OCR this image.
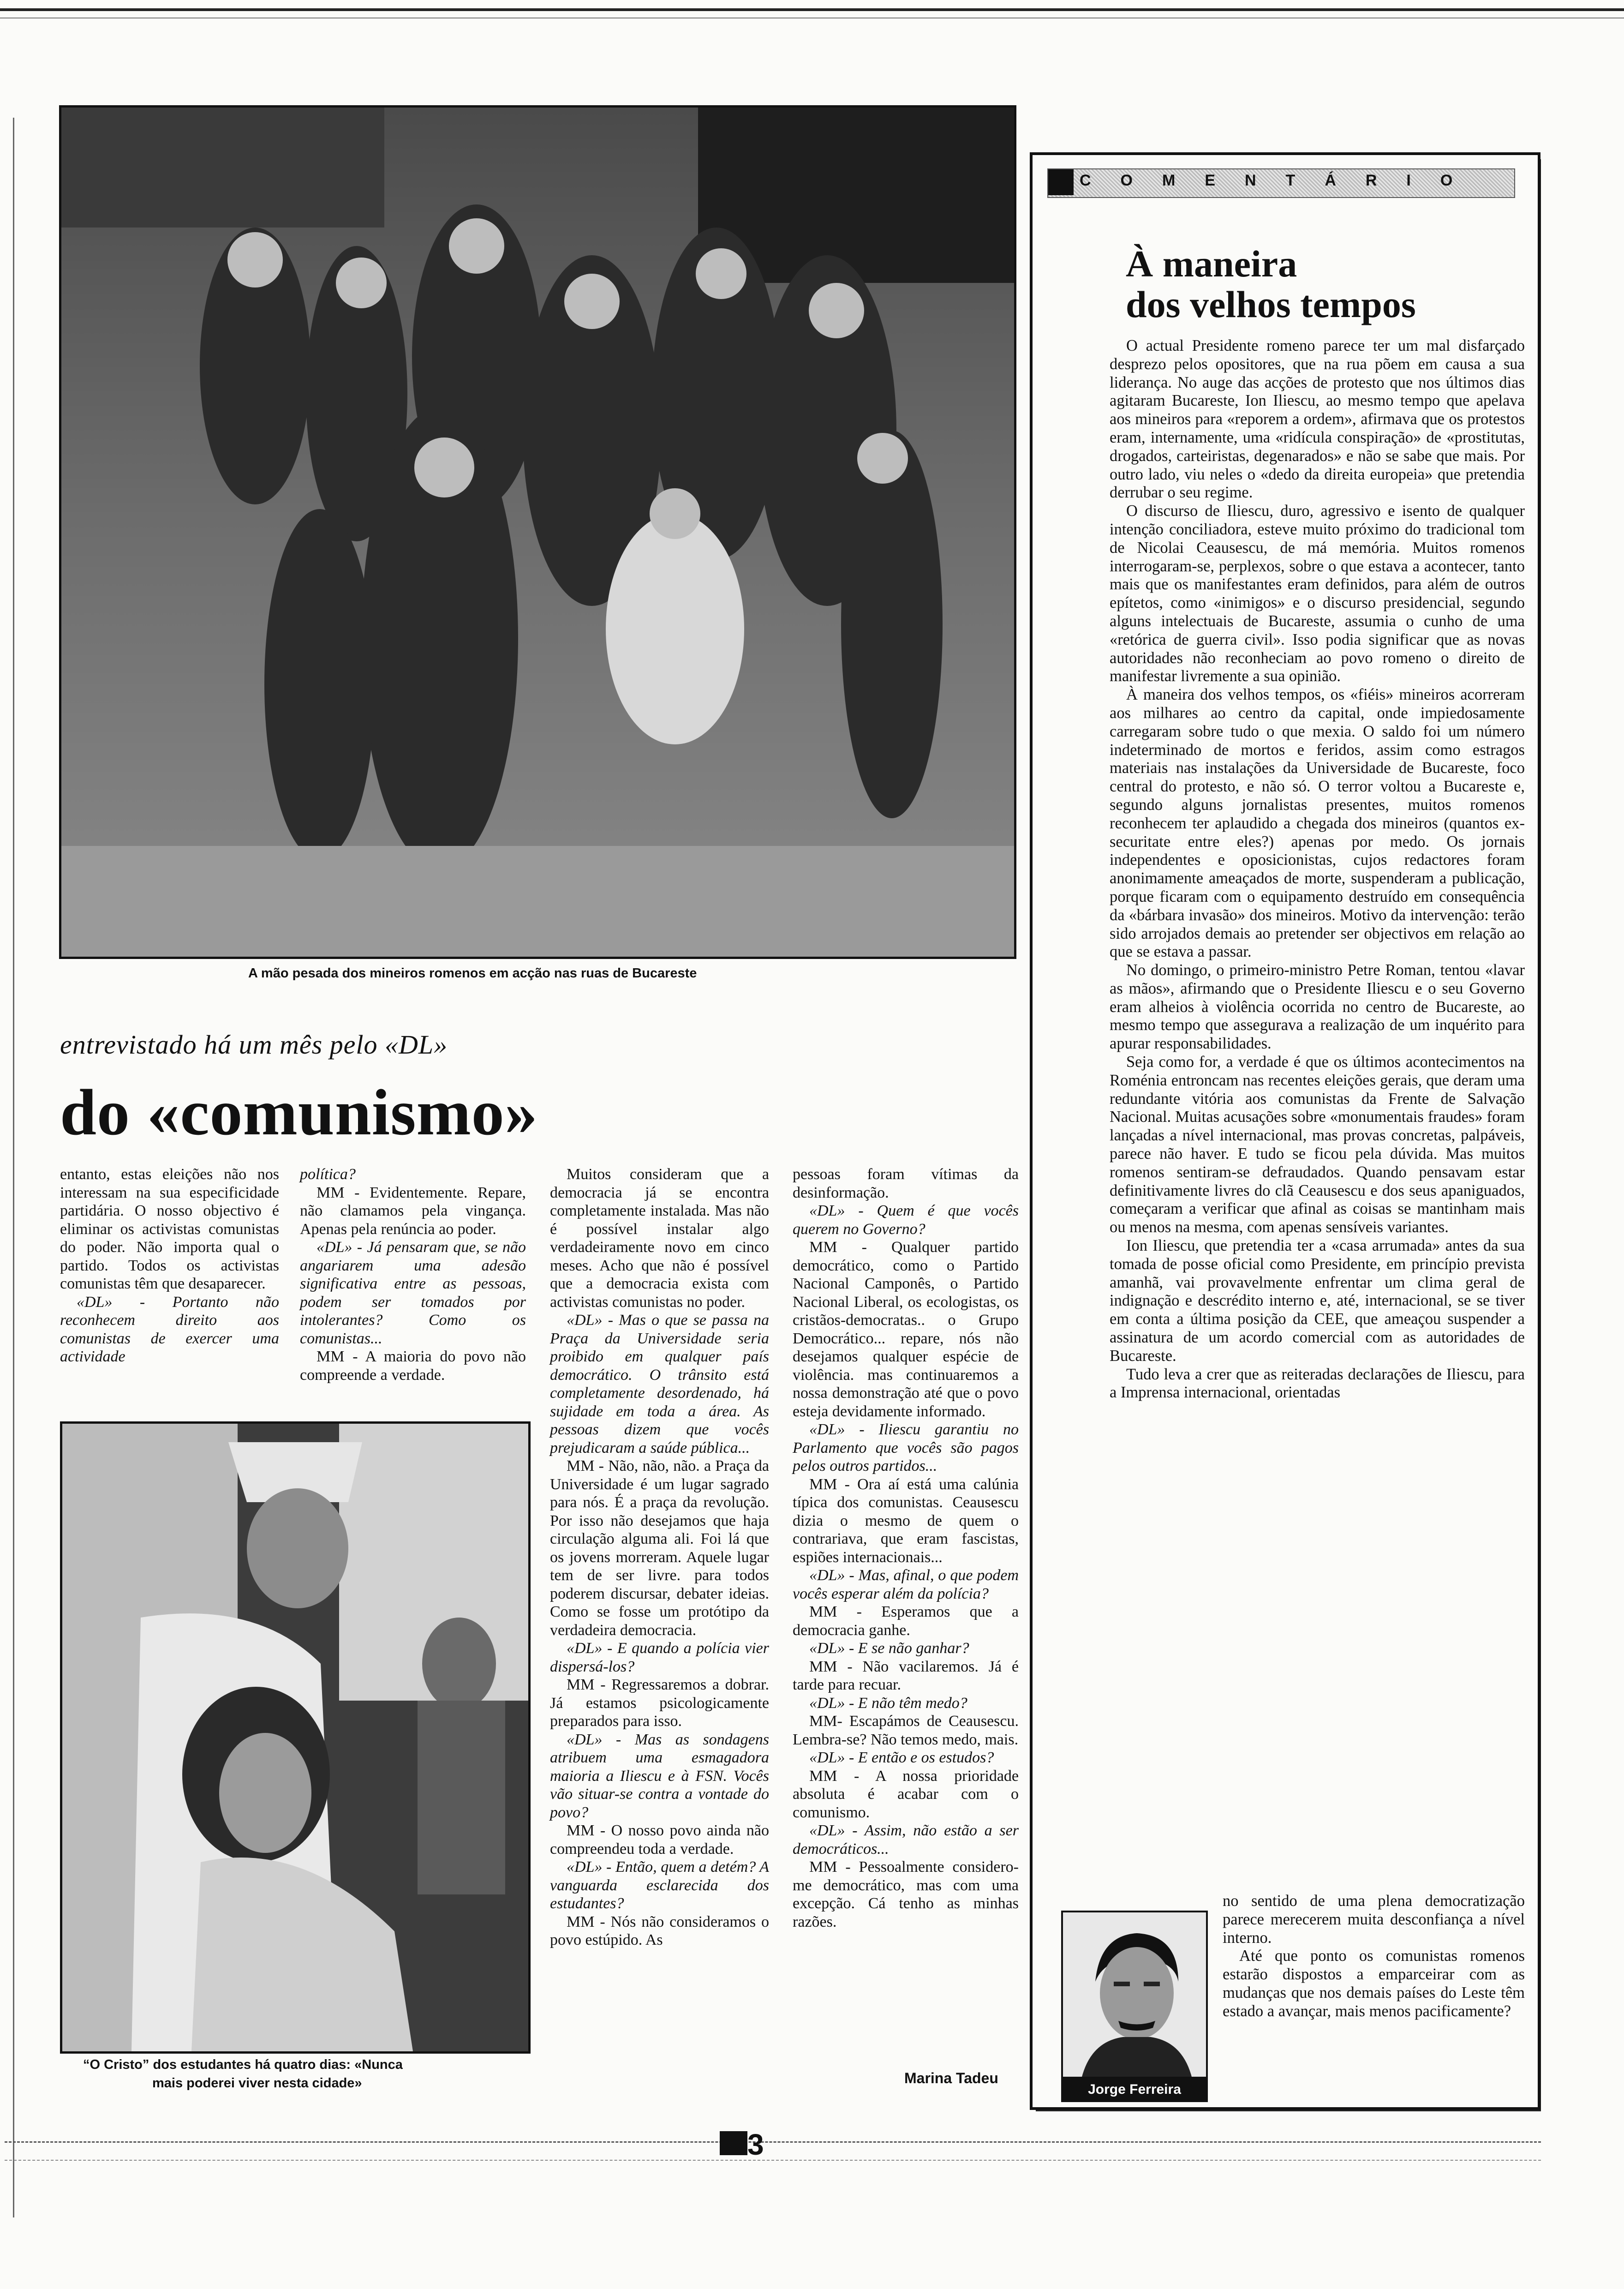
A mão pesada dos mineiros romenos em acção nas ruas de Bucareste
entrevistado há um mês pelo «DL»
do «comunismo»

entanto, estas eleições não nos interessam na sua especificidade partidária. O nosso objectivo é eliminar os activistas comunistas do poder. Não importa qual o partido. Todos os activistas comunistas têm que desaparecer.

«DL» - Portanto não reconhecem direito aos comunistas de exercer uma actividade

política?

MM - Evidentemente. Repare, não clamamos pela vingança. Apenas pela renúncia ao poder.

«DL» - Já pensaram que, se não angariarem uma adesão significativa entre as pessoas, podem ser tomados por intolerantes? Como os comunistas...

MM - A maioria do povo não compreende a verdade.

Muitos consideram que a democracia já se encontra completamente instalada. Mas não é possível instalar algo verdadeiramente novo em cinco meses. Acho que não é possível que a democracia exista com activistas comunistas no poder.

«DL» - Mas o que se passa na Praça da Universidade seria proibido em qualquer país democrático. O trânsito está completamente desordenado, há sujidade em toda a área. As pessoas dizem que vocês prejudicaram a saúde pública...

MM - Não, não, não. a Praça da Universidade é um lugar sagrado para nós. É a praça da revolução. Por isso não desejamos que haja circulação alguma ali. Foi lá que os jovens morreram. Aquele lugar tem de ser livre. para todos poderem discursar, debater ideias. Como se fosse um protótipo da verdadeira democracia.

«DL» - E quando a polícia vier dispersá-los?

MM - Regressaremos a dobrar. Já estamos psicologicamente preparados para isso.

«DL» - Mas as sondagens atribuem uma esmagadora maioria a Iliescu e à FSN. Vocês vão situar-se contra a vontade do povo?

MM - O nosso povo ainda não compreendeu toda a verdade.

«DL» - Então, quem a detém? A vanguarda esclarecida dos estudantes?

MM - Nós não consideramos o povo estúpido. As

pessoas foram vítimas da desinformação.

«DL» - Quem é que vocês querem no Governo?

MM - Qualquer partido democrático, como o Partido Nacional Camponês, o Partido Nacional Liberal, os ecologistas, os cristãos-democratas.. o Grupo Democrático... repare, nós não desejamos qualquer espécie de violência. mas continuaremos a nossa demonstração até que o povo esteja devidamente informado.

«DL» - Iliescu garantiu no Parlamento que vocês são pagos pelos outros partidos...

MM - Ora aí está uma calúnia típica dos comunistas. Ceausescu dizia o mesmo de quem o contrariava, que eram fascistas, espiões internacionais...

«DL» - Mas, afinal, o que podem vocês esperar além da polícia?

MM - Esperamos que a democracia ganhe.

«DL» - E se não ganhar?

MM - Não vacilaremos. Já é tarde para recuar.

«DL» - E não têm medo?

MM- Escapámos de Ceausescu. Lembra-se? Não temos medo, mais.

«DL» - E então e os estudos?

MM - A nossa prioridade absoluta é acabar com o comunismo.

«DL» - Assim, não estão a ser democráticos...

MM - Pessoalmente considero-me democrático, mas com uma excepção. Cá tenho as minhas razões.

Marina Tadeu
“O Cristo” dos estudantes há quatro dias: «Nunca
mais poderei viver nesta cidade»
COMENTÁRIO
À maneira
dos velhos tempos

O actual Presidente romeno parece ter um mal disfarçado desprezo pelos opositores, que na rua põem em causa a sua liderança. No auge das acções de protesto que nos últimos dias agitaram Bucareste, Ion Iliescu, ao mesmo tempo que apelava aos mineiros para «reporem a ordem», afirmava que os protestos eram, internamente, uma «ridícula conspiração» de «prostitutas, drogados, carteiristas, degenarados» e não se sabe que mais. Por outro lado, viu neles o «dedo da direita europeia» que pretendia derrubar o seu regime.

O discurso de Iliescu, duro, agressivo e isento de qualquer intenção conciliadora, esteve muito próximo do tradicional tom de Nicolai Ceausescu, de má memória. Muitos romenos interrogaram-se, perplexos, sobre o que estava a acontecer, tanto mais que os manifestantes eram definidos, para além de outros epítetos, como «inimigos» e o discurso presidencial, segundo alguns intelectuais de Bucareste, assumia o cunho de uma «retórica de guerra civil». Isso podia significar que as novas autoridades não reconheciam ao povo romeno o direito de manifestar livremente a sua opinião.

À maneira dos velhos tempos, os «fiéis» mineiros acorreram aos milhares ao centro da capital, onde impiedosamente carregaram sobre tudo o que mexia. O saldo foi um número indeterminado de mortos e feridos, assim como estragos materiais nas instalações da Universidade de Bucareste, foco central do protesto, e não só. O terror voltou a Bucareste e, segundo alguns jornalistas presentes, muitos romenos reconhecem ter aplaudido a chegada dos mineiros (quantos ex-securitate entre eles?) apenas por medo. Os jornais independentes e oposicionistas, cujos redactores foram anonimamente ameaçados de morte, suspenderam a publicação, porque ficaram com o equipamento destruído em consequência da «bárbara invasão» dos mineiros. Motivo da intervenção: terão sido arrojados demais ao pretender ser objectivos em relação ao que se estava a passar.

No domingo, o primeiro-ministro Petre Roman, tentou «lavar as mãos», afirmando que o Presidente Iliescu e o seu Governo eram alheios à violência ocorrida no centro de Bucareste, ao mesmo tempo que assegurava a realização de um inquérito para apurar responsabilidades.

Seja como for, a verdade é que os últimos acontecimentos na Roménia entroncam nas recentes eleições gerais, que deram uma redundante vitória aos comunistas da Frente de Salvação Nacional. Muitas acusações sobre «monumentais fraudes» foram lançadas a nível internacional, mas provas concretas, palpáveis, parece não haver. E tudo se ficou pela dúvida. Mas muitos romenos sentiram-se defraudados. Quando pensavam estar definitivamente livres do clã Ceausescu e dos seus apaniguados, começaram a verificar que afinal as coisas se mantinham mais ou menos na mesma, com apenas sensíveis variantes.

Ion Iliescu, que pretendia ter a «casa arrumada» antes da sua tomada de posse oficial como Presidente, em princípio prevista amanhã, vai provavelmente enfrentar um clima geral de indignação e descrédito interno e, até, internacional, se se tiver em conta a última posição da CEE, que ameaçou suspender a assinatura de um acordo comercial com as autoridades de Bucareste.

Tudo leva a crer que as reiteradas declarações de Iliescu, para a Imprensa internacional, orientadas

no sentido de uma plena democratização parece merecerem muita desconfiança a nível interno.

Até que ponto os comunistas romenos estarão dispostos a emparceirar com as mudanças que nos demais países do Leste têm estado a avançar, mais menos pacificamente?

Jorge Ferreira
3
